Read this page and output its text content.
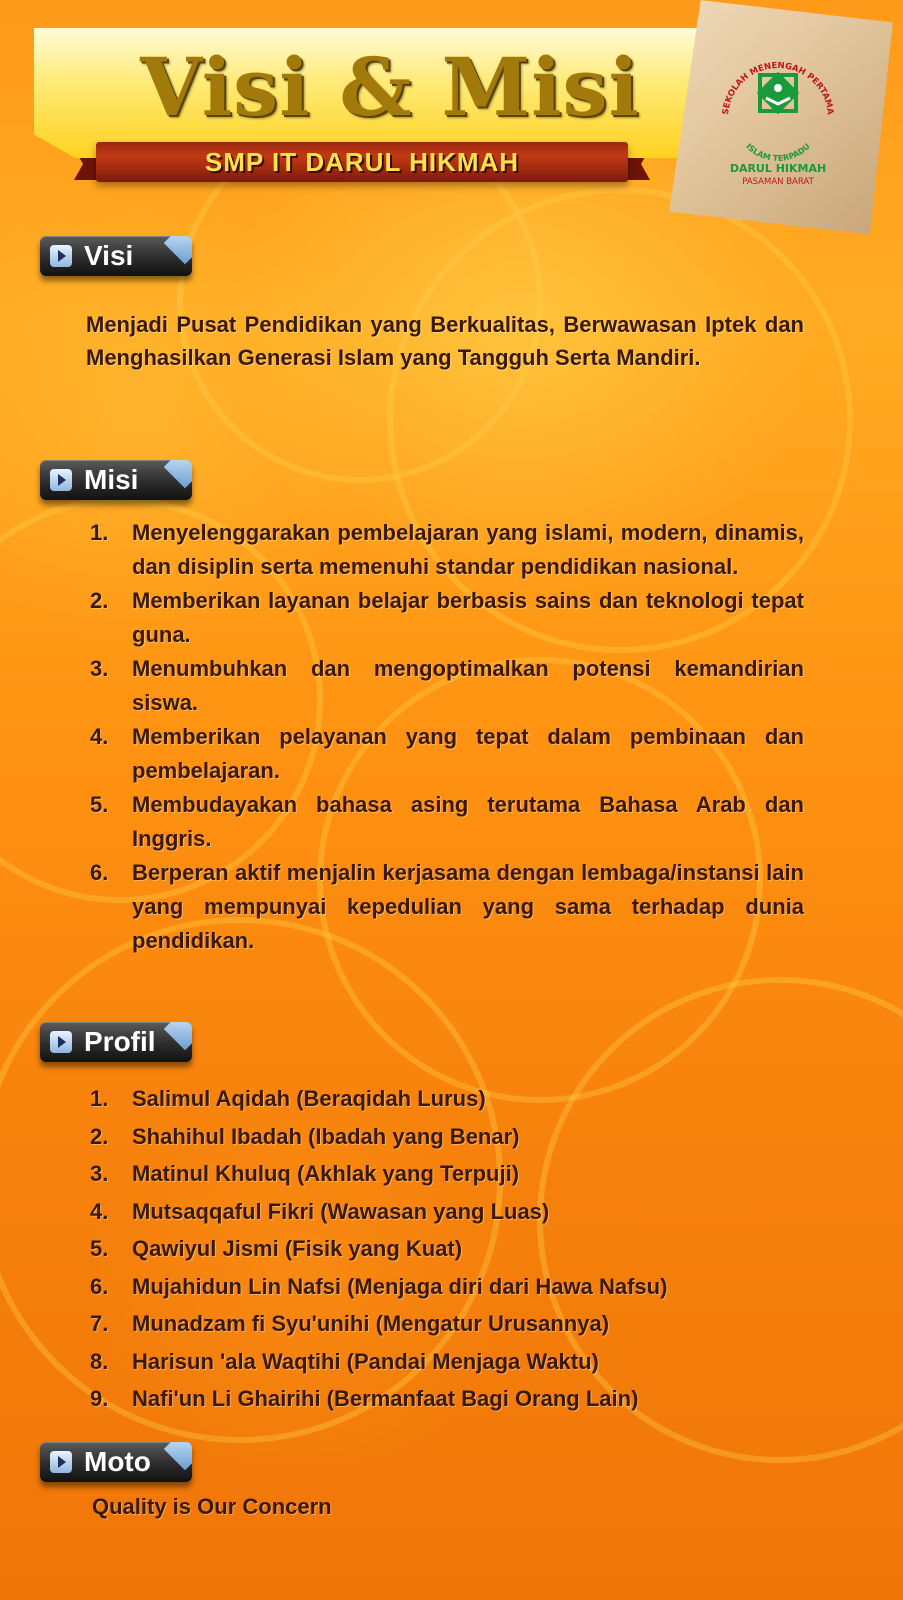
Visi & Misi
SMP IT DARUL HIKMAH
SEKOLAH MENENGAH PERTAMA
ISLAM TERPADU
DARUL HIKMAH
PASAMAN BARAT
Visi
Menjadi Pusat Pendidikan yang Berkualitas, Berwawasan Iptek dan Menghasilkan Generasi Islam yang Tangguh Serta Mandiri.
Misi
1.	Menyelenggarakan pembelajaran yang islami, modern, dinamis, dan disiplin serta memenuhi standar pendidikan nasional.
2.	Memberikan layanan belajar berbasis sains dan teknologi tepat guna.
3.	Menumbuhkan dan mengoptimalkan potensi kemandirian siswa.
4.	Memberikan pelayanan yang tepat dalam pembinaan dan pembelajaran.
5.	Membudayakan bahasa asing terutama Bahasa Arab dan Inggris.
6.	Berperan aktif menjalin kerjasama dengan lembaga/instansi lain yang mempunyai kepedulian yang sama terhadap dunia pendidikan.
Profil
1.	Salimul Aqidah (Beraqidah Lurus)
2.	Shahihul Ibadah (Ibadah yang Benar)
3.	Matinul Khuluq (Akhlak yang Terpuji)
4.	Mutsaqqaful Fikri (Wawasan yang Luas)
5.	Qawiyul Jismi (Fisik yang Kuat)
6.	Mujahidun Lin Nafsi (Menjaga diri dari Hawa Nafsu)
7.	Munadzam fi Syu'unihi (Mengatur Urusannya)
8.	Harisun 'ala Waqtihi (Pandai Menjaga Waktu)
9.	Nafi'un Li Ghairihi (Bermanfaat Bagi Orang Lain)
Moto
Quality is Our Concern
